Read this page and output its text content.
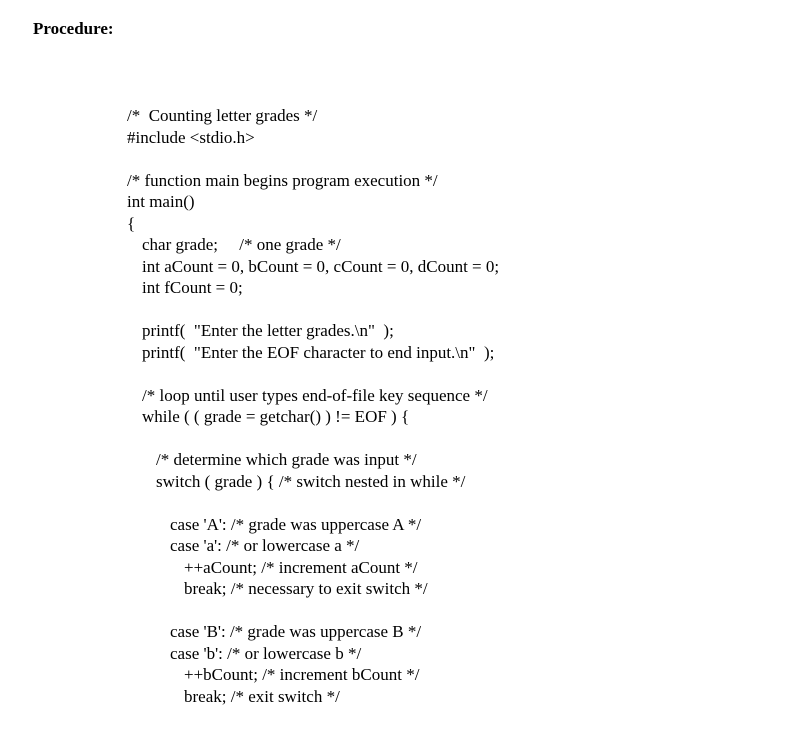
Procedure:
/*  Counting letter grades */
#include <stdio.h>
/* function main begins program execution */
int main()
{
char grade;     /* one grade */
int aCount = 0, bCount = 0, cCount = 0, dCount = 0;
int fCount = 0;
printf(  "Enter the letter grades.\n"  );
printf(  "Enter the EOF character to end input.\n"  );
/* loop until user types end-of-file key sequence */
while ( ( grade = getchar() ) != EOF ) {
/* determine which grade was input */
switch ( grade ) { /* switch nested in while */
case 'A': /* grade was uppercase A */
case 'a': /* or lowercase a */
++aCount; /* increment aCount */
break; /* necessary to exit switch */
case 'B': /* grade was uppercase B */
case 'b': /* or lowercase b */
++bCount; /* increment bCount */
break; /* exit switch */
